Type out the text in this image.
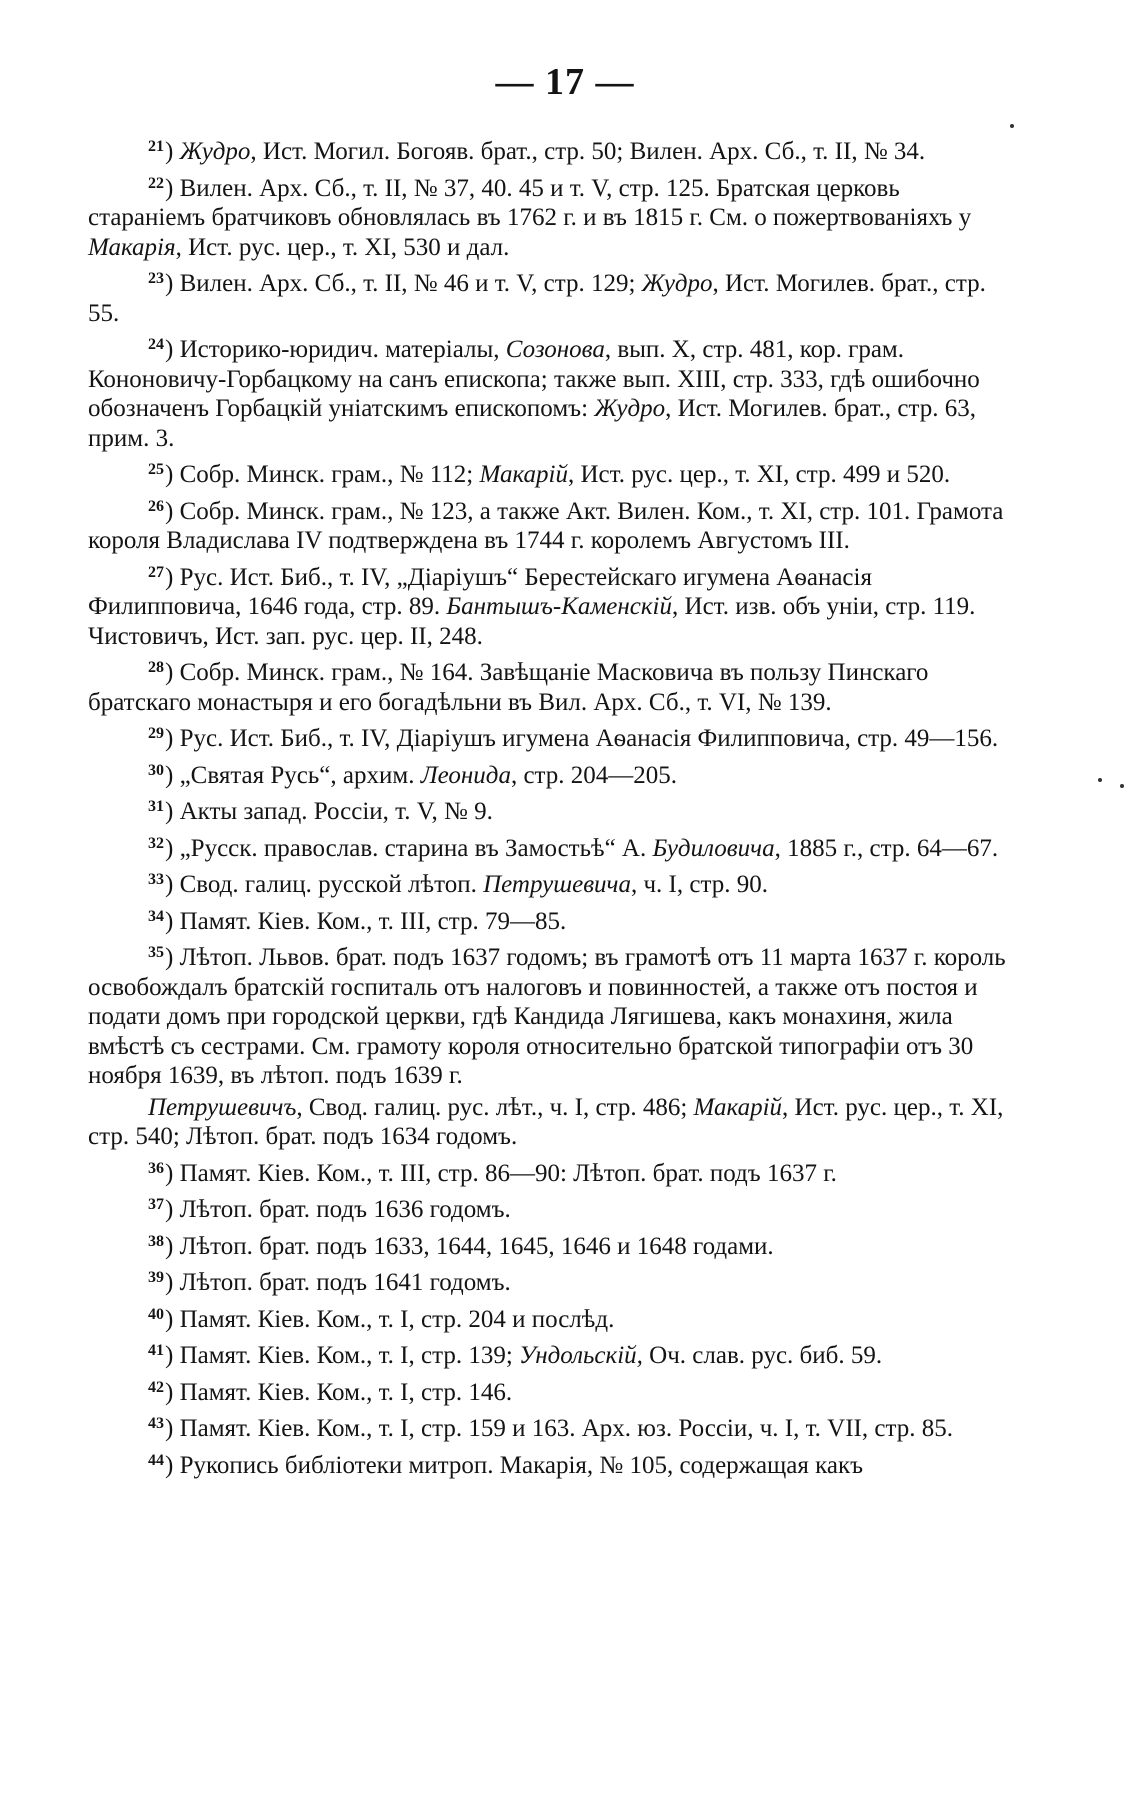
— 17 —

$^{21}$) Жудро, Ист. Могил. Богояв. брат., стр. 50; Вилен. Арх. Сб., т. II, № 34.

$^{22}$) Вилен. Арх. Сб., т. II, № 37, 40. 45 и т. V, стр. 125. Братская церковь стараніемъ братчиковъ обновлялась въ 1762 г. и въ 1815 г. См. о пожертвованіяхъ у Макарія, Ист. рус. цер., т. XI, 530 и дал.

$^{23}$) Вилен. Арх. Сб., т. II, № 46 и т. V, стр. 129; Жудро, Ист. Могилев. брат., стр. 55.

$^{24}$) Историко-юридич. матеріалы, Созонова, вып. X, стр. 481, кор. грам. Кононовичу-Горбацкому на санъ епископа; также вып. XIII, стр. 333, гдѣ ошибочно обозначенъ Горбацкій уніатскимъ епископомъ: Жудро, Ист. Могилев. брат., стр. 63, прим. 3.

$^{25}$) Собр. Минск. грам., № 112; Макарій, Ист. рус. цер., т. XI, стр. 499 и 520.

$^{26}$) Собр. Минск. грам., № 123, а также Акт. Вилен. Ком., т. XI, стр. 101. Грамота короля Владислава IV подтверждена въ 1744 г. королемъ Августомъ III.

$^{27}$) Рус. Ист. Биб., т. IV, „Діаріушъ“ Берестейскаго игумена Аѳанасія Филипповича, 1646 года, стр. 89. Бантышъ-Каменскій, Ист. изв. объ уніи, стр. 119. Чистовичъ, Ист. зап. рус. цер. II, 248.

$^{28}$) Собр. Минск. грам., № 164. Завѣщаніе Масковича въ пользу Пинскаго братскаго монастыря и его богадѣльни въ Вил. Арх. Сб., т. VI, № 139.

$^{29}$) Рус. Ист. Биб., т. IV, Діаріушъ игумена Аѳанасія Филипповича, стр. 49—156.

$^{30}$) „Святая Русь“, архим. Леонида, стр. 204—205.

$^{31}$) Акты запад. Россіи, т. V, № 9.

$^{32}$) „Русск. православ. старина въ Замостьѣ“ А. Будиловича, 1885 г., стр. 64—67.

$^{33}$) Свод. галиц. русской лѣтоп. Петрушевича, ч. I, стр. 90.

$^{34}$) Памят. Кіев. Ком., т. III, стр. 79—85.

$^{35}$) Лѣтоп. Львов. брат. подъ 1637 годомъ; въ грамотѣ отъ 11 марта 1637 г. король освобождалъ братскій госпиталь отъ налоговъ и повинностей, а также отъ постоя и подати домъ при городской церкви, гдѣ Кандида Лягишева, какъ монахиня, жила вмѣстѣ съ сестрами. См. грамоту короля относительно братской типографіи отъ 30 ноября 1639, въ лѣтоп. подъ 1639 г.

Петрушевичъ, Свод. галиц. рус. лѣт., ч. I, стр. 486; Макарій, Ист. рус. цер., т. XI, стр. 540; Лѣтоп. брат. подъ 1634 годомъ.

$^{36}$) Памят. Кіев. Ком., т. III, стр. 86—90: Лѣтоп. брат. подъ 1637 г.

$^{37}$) Лѣтоп. брат. подъ 1636 годомъ.

$^{38}$) Лѣтоп. брат. подъ 1633, 1644, 1645, 1646 и 1648 годами.

$^{39}$) Лѣтоп. брат. подъ 1641 годомъ.

$^{40}$) Памят. Кіев. Ком., т. I, стр. 204 и послѣд.

$^{41}$) Памят. Кіев. Ком., т. I, стр. 139; Ундольскій, Оч. слав. рус. биб. 59.

$^{42}$) Памят. Кіев. Ком., т. I, стр. 146.

$^{43}$) Памят. Кіев. Ком., т. I, стр. 159 и 163. Арх. юз. Россіи, ч. I, т. VII, стр. 85.

$^{44}$) Рукопись библіотеки митроп. Макарія, № 105, содержащая какъ
